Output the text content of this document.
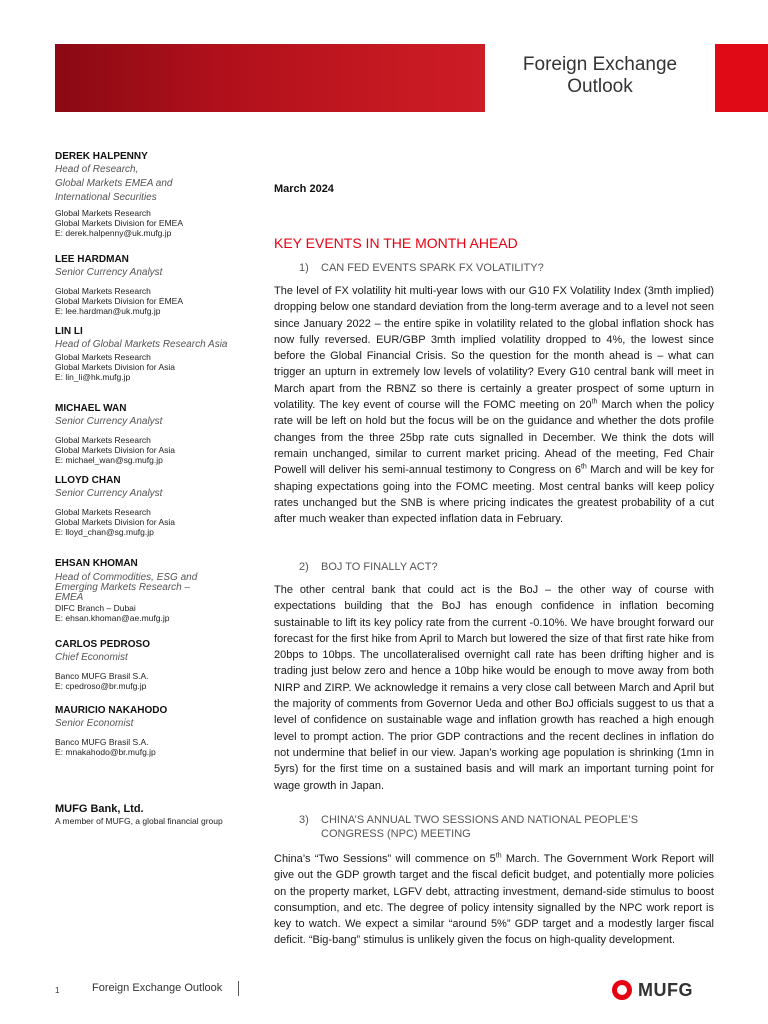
Foreign Exchange
Outlook
DEREK HALPENNY
Head of Research,
Global Markets EMEA and
International Securities
Global Markets Research
Global Markets Division for EMEA
E: derek.halpenny@uk.mufg.jp
LEE HARDMAN
Senior Currency Analyst
Global Markets Research
Global Markets Division for EMEA
E: lee.hardman@uk.mufg.jp
LIN LI
Head of Global Markets Research Asia
Global Markets Research
Global Markets Division for Asia
E: lin_li@hk.mufg.jp
MICHAEL WAN
Senior Currency Analyst
Global Markets Research
Global Markets Division for Asia
E: michael_wan@sg.mufg.jp
LLOYD CHAN
Senior Currency Analyst
Global Markets Research
Global Markets Division for Asia
E: lloyd_chan@sg.mufg.jp
EHSAN KHOMAN
Head of Commodities, ESG and
Emerging Markets Research –
EMEA
DIFC Branch – Dubai
E: ehsan.khoman@ae.mufg.jp
CARLOS PEDROSO
Chief Economist
Banco MUFG Brasil S.A.
E: cpedroso@br.mufg.jp
MAURICIO NAKAHODO
Senior Economist
Banco MUFG Brasil S.A.
E: mnakahodo@br.mufg.jp
MUFG Bank, Ltd.
A member of MUFG, a global financial group
March 2024
KEY EVENTS IN THE MONTH AHEAD
1) CAN FED EVENTS SPARK FX VOLATILITY?
The level of FX volatility hit multi-year lows with our G10 FX Volatility Index (3mth implied) dropping below one standard deviation from the long-term average and to a level not seen since January 2022 – the entire spike in volatility related to the global inflation shock has now fully reversed. EUR/GBP 3mth implied volatility dropped to 4%, the lowest since before the Global Financial Crisis. So the question for the month ahead is – what can trigger an upturn in extremely low levels of volatility? Every G10 central bank will meet in March apart from the RBNZ so there is certainly a greater prospect of some upturn in volatility. The key event of course will the FOMC meeting on 20th March when the policy rate will be left on hold but the focus will be on the guidance and whether the dots profile changes from the three 25bp rate cuts signalled in December. We think the dots will remain unchanged, similar to current market pricing. Ahead of the meeting, Fed Chair Powell will deliver his semi-annual testimony to Congress on 6th March and will be key for shaping expectations going into the FOMC meeting. Most central banks will keep policy rates unchanged but the SNB is where pricing indicates the greatest probability of a cut after much weaker than expected inflation data in February.
2) BOJ TO FINALLY ACT?
The other central bank that could act is the BoJ – the other way of course with expectations building that the BoJ has enough confidence in inflation becoming sustainable to lift its key policy rate from the current -0.10%. We have brought forward our forecast for the first hike from April to March but lowered the size of that first rate hike from 20bps to 10bps. The uncollateralised overnight call rate has been drifting higher and is trading just below zero and hence a 10bp hike would be enough to move away from both NIRP and ZIRP. We acknowledge it remains a very close call between March and April but the majority of comments from Governor Ueda and other BoJ officials suggest to us that a level of confidence on sustainable wage and inflation growth has reached a high enough level to prompt action. The prior GDP contractions and the recent declines in inflation do not undermine that belief in our view. Japan’s working age population is shrinking (1mn in 5yrs) for the first time on a sustained basis and will mark an important turning point for wage growth in Japan.
3) CHINA’S ANNUAL TWO SESSIONS AND NATIONAL PEOPLE’S
CONGRESS (NPC) MEETING
China’s “Two Sessions” will commence on 5th March. The Government Work Report will give out the GDP growth target and the fiscal deficit budget, and potentially more policies on the property market, LGFV debt, attracting investment, demand-side stimulus to boost consumption, and etc. The degree of policy intensity signalled by the NPC work report is key to watch. We expect a similar “around 5%” GDP target and a modestly larger fiscal deficit. “Big-bang” stimulus is unlikely given the focus on high-quality development.
1	Foreign Exchange Outlook	MUFG
